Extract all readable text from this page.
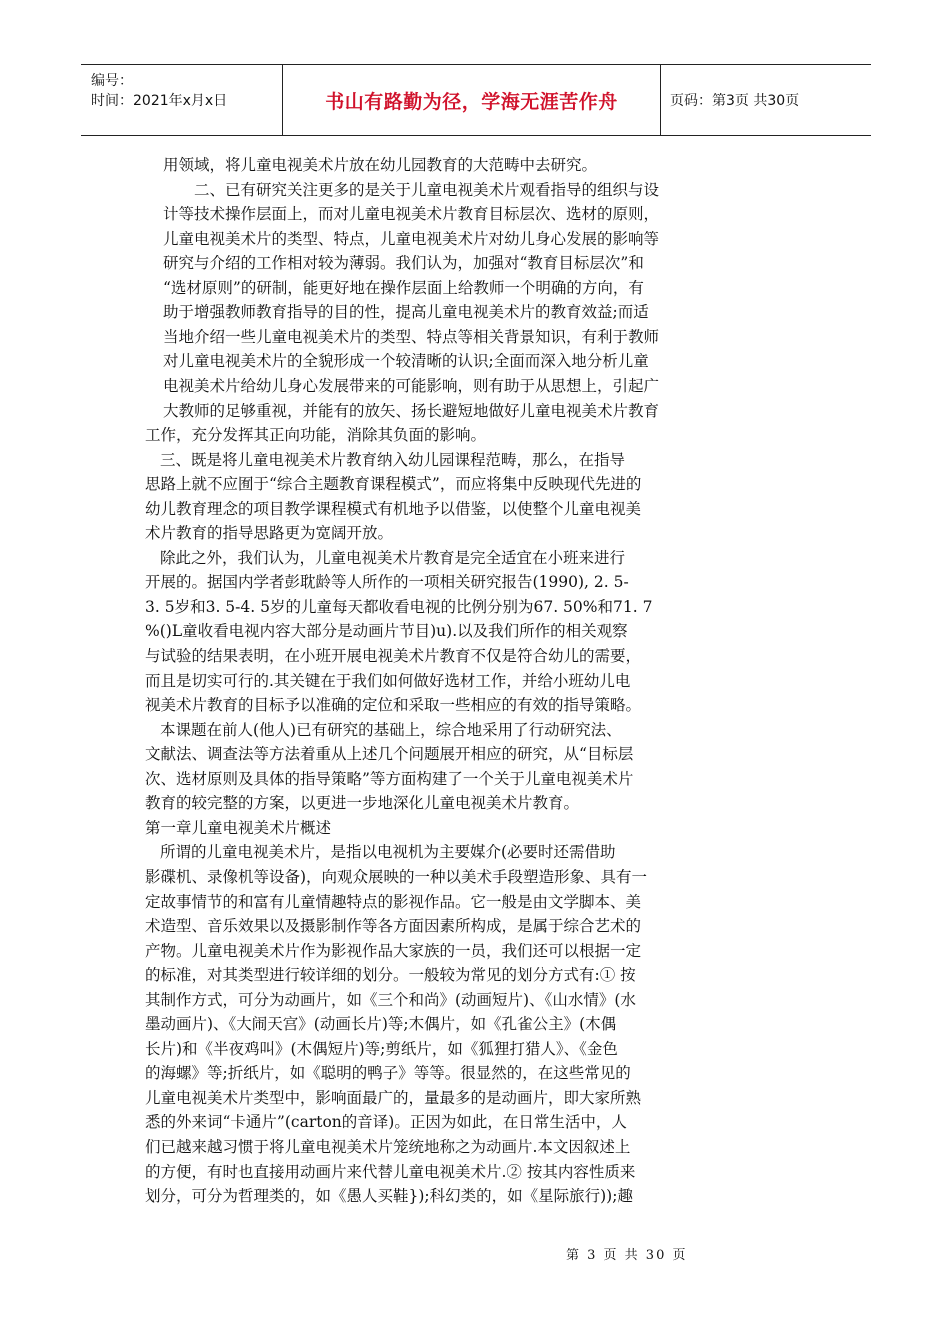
编号：
时间：2021年x月x日	书山有路勤为径，学海无涯苦作舟	页码：第3页 共30页
用领域，将儿童电视美术片放在幼儿园教育的大范畴中去研究。
二、已有研究关注更多的是关于儿童电视美术片观看指导的组织与设
计等技术操作层面上，而对儿童电视美术片教育目标层次、选材的原则，
儿童电视美术片的类型、特点，儿童电视美术片对幼儿身心发展的影响等
研究与介绍的工作相对较为薄弱。我们认为，加强对“教育目标层次”和
“选材原则”的研制，能更好地在操作层面上给教师一个明确的方向，有
助于增强教师教育指导的目的性，提高儿童电视美术片的教育效益;而适
当地介绍一些儿童电视美术片的类型、特点等相关背景知识，有利于教师
对儿童电视美术片的全貌形成一个较清晰的认识;全面而深入地分析儿童
电视美术片给幼儿身心发展带来的可能影响，则有助于从思想上，引起广
大教师的足够重视，并能有的放矢、扬长避短地做好儿童电视美术片教育
工作，充分发挥其正向功能，消除其负面的影响。
三、既是将儿童电视美术片教育纳入幼儿园课程范畴，那么，在指导
思路上就不应囿于“综合主题教育课程模式”，而应将集中反映现代先进的
幼儿教育理念的项目教学课程模式有机地予以借鉴，以使整个儿童电视美
术片教育的指导思路更为宽阔开放。
除此之外，我们认为，儿童电视美术片教育是完全适宜在小班来进行
开展的。据国内学者彭耽龄等人所作的一项相关研究报告(1990), 2. 5-
3. 5岁和3. 5-4. 5岁的儿童每天都收看电视的比例分别为67. 50%和71. 7
%()L童收看电视内容大部分是动画片节目)u).以及我们所作的相关观察
与试验的结果表明，在小班开展电视美术片教育不仅是符合幼儿的需要，
而且是切实可行的.其关键在于我们如何做好选材工作，并给小班幼儿电
视美术片教育的目标予以准确的定位和采取一些相应的有效的指导策略。
本课题在前人(他人)已有研究的基础上，综合地采用了行动研究法、
文献法、调查法等方法着重从上述几个问题展开相应的研究，从“目标层
次、选材原则及具体的指导策略”等方面构建了一个关于儿童电视美术片
教育的较完整的方案，以更进一步地深化儿童电视美术片教育。
第一章儿童电视美术片概述
所谓的儿童电视美术片，是指以电视机为主要媒介(必要时还需借助
影碟机、录像机等设备)，向观众展映的一种以美术手段塑造形象、具有一
定故事情节的和富有儿童情趣特点的影视作品。它一般是由文学脚本、美
术造型、音乐效果以及摄影制作等各方面因素所构成，是属于综合艺术的
产物。儿童电视美术片作为影视作品大家族的一员，我们还可以根据一定
的标准，对其类型进行较详细的划分。一般较为常见的划分方式有:① 按
其制作方式，可分为动画片，如《三个和尚》(动画短片)、《山水情》(水
墨动画片)、《大闹天宫》(动画长片)等;木偶片，如《孔雀公主》(木偶
长片)和《半夜鸡叫》(木偶短片)等;剪纸片，如《狐狸打猎人》、《金色
的海螺》等;折纸片，如《聪明的鸭子》等等。很显然的，在这些常见的
儿童电视美术片类型中，影响面最广的，量最多的是动画片，即大家所熟
悉的外来词“卡通片”(carton的音译)。正因为如此，在日常生活中，人
们已越来越习惯于将儿童电视美术片笼统地称之为动画片.本文因叙述上
的方便，有时也直接用动画片来代替儿童电视美术片.② 按其内容性质来
划分，可分为哲理类的，如《愚人买鞋});科幻类的，如《星际旅行));趣
第 3 页 共 30 页
